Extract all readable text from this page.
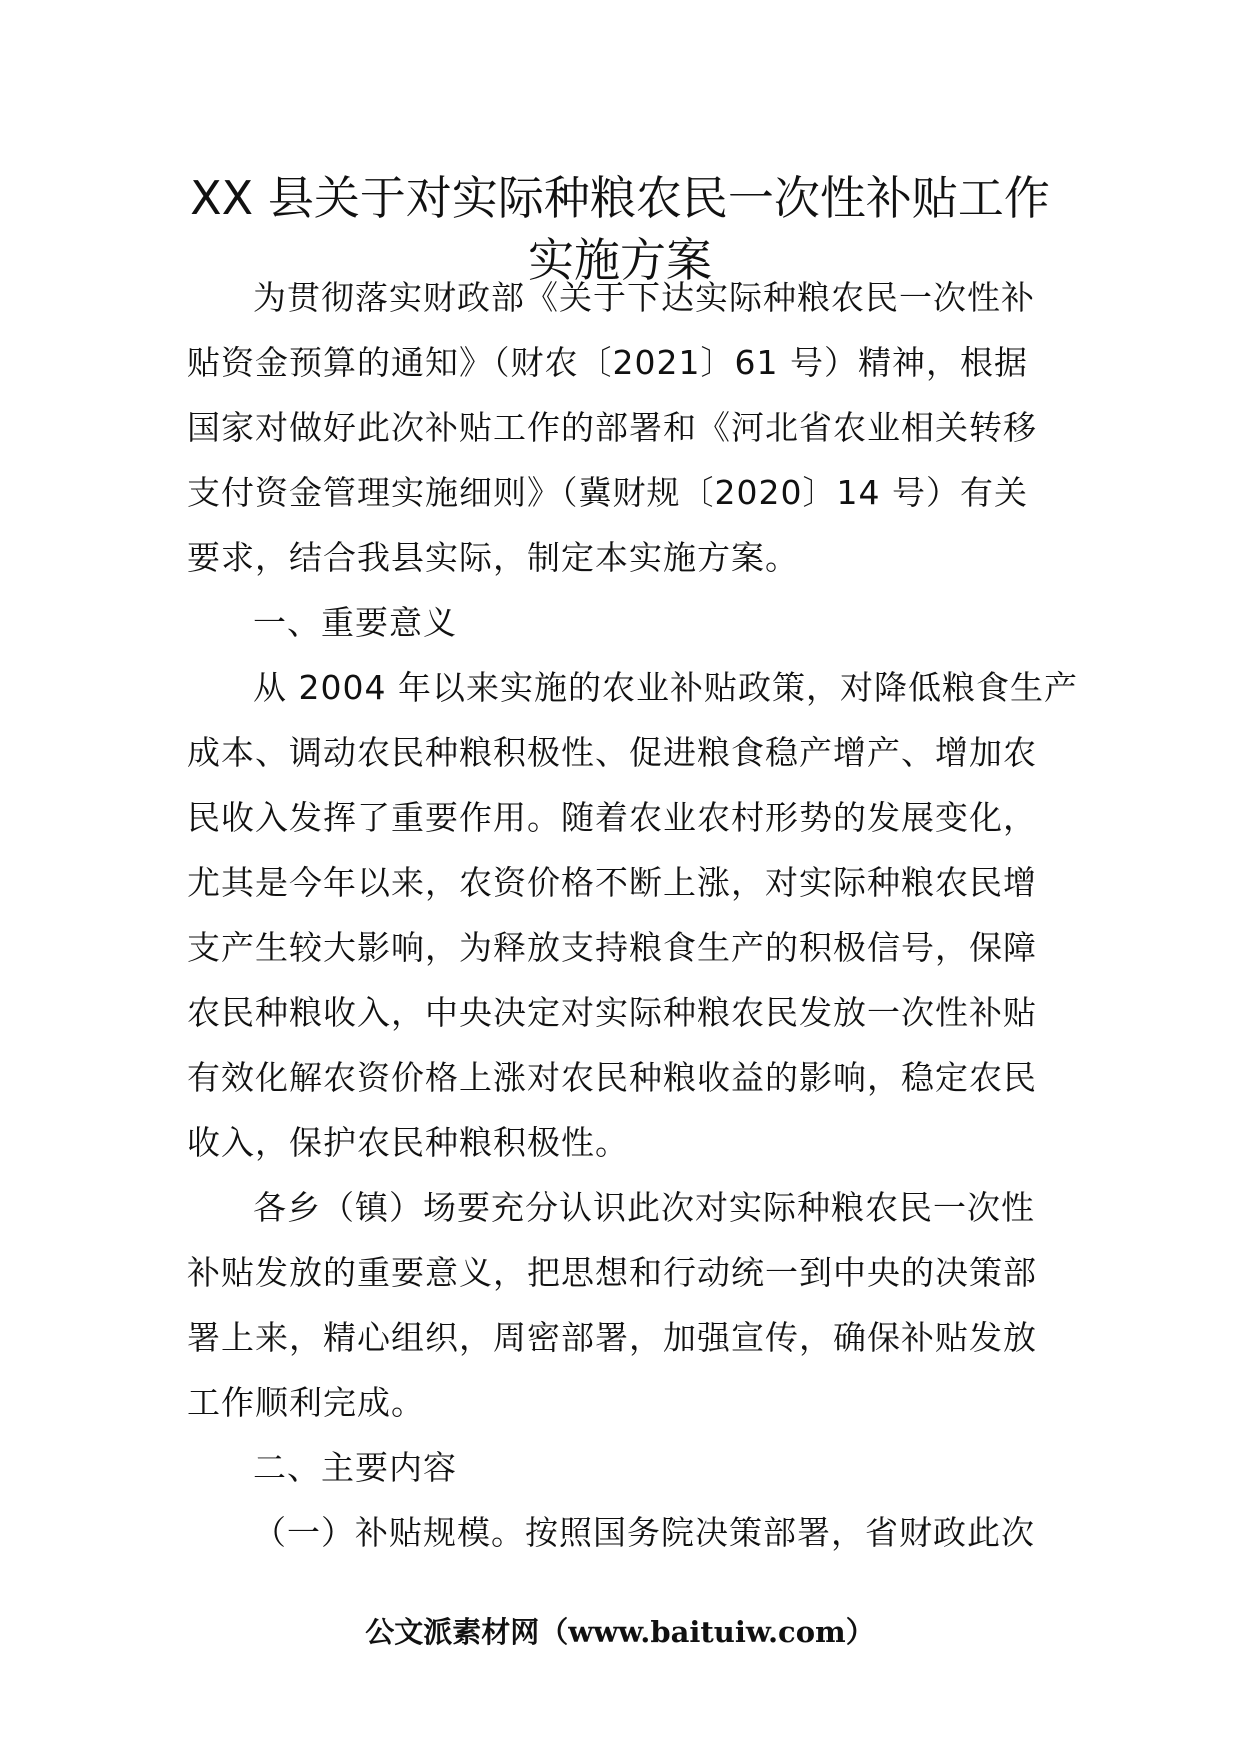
XX 县关于对实际种粮农民一次性补贴工作
实施方案
为贯彻落实财政部《关于下达实际种粮农民一次性补
贴资金预算的通知》（财农〔2021〕61 号）精神，根据
国家对做好此次补贴工作的部署和《河北省农业相关转移
支付资金管理实施细则》（冀财规〔2020〕14 号）有关
要求，结合我县实际，制定本实施方案。
一、重要意义
从 2004 年以来实施的农业补贴政策，对降低粮食生产
成本、调动农民种粮积极性、促进粮食稳产增产、增加农
民收入发挥了重要作用。随着农业农村形势的发展变化，
尤其是今年以来，农资价格不断上涨，对实际种粮农民增
支产生较大影响，为释放支持粮食生产的积极信号，保障
农民种粮收入，中央决定对实际种粮农民发放一次性补贴
有效化解农资价格上涨对农民种粮收益的影响，稳定农民
收入，保护农民种粮积极性。
各乡（镇）场要充分认识此次对实际种粮农民一次性
补贴发放的重要意义，把思想和行动统一到中央的决策部
署上来，精心组织，周密部署，加强宣传，确保补贴发放
工作顺利完成。
二、主要内容
（一）补贴规模。按照国务院决策部署，省财政此次
公文派素材网（www.baituiw.com）
